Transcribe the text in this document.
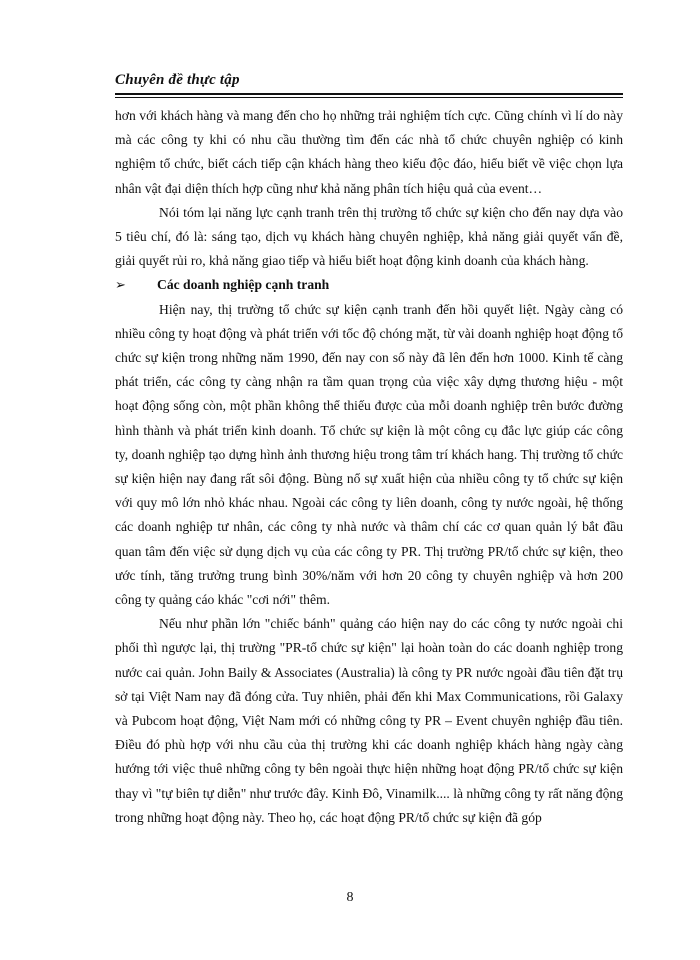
Chuyên đề thực tập

hơn với khách hàng và mang đến cho họ những trải nghiệm tích cực. Cũng chính vì lí do này mà các công ty khi có nhu cầu thường tìm đến các nhà tổ chức chuyên nghiệp có kinh nghiệm tổ chức, biết cách tiếp cận khách hàng theo kiểu độc đáo, hiểu biết về việc chọn lựa nhân vật đại diện thích hợp cũng như khả năng phân tích hiệu quả của event…

Nói tóm lại năng lực cạnh tranh trên thị trường tổ chức sự kiện cho đến nay dựa vào 5 tiêu chí, đó là: sáng tạo, dịch vụ khách hàng chuyên nghiệp, khả năng giải quyết vấn đề, giải quyết rủi ro, khả năng giao tiếp và hiểu biết hoạt động kinh doanh của khách hàng.

➢	Các doanh nghiệp cạnh tranh

Hiện nay, thị trường tổ chức sự kiện cạnh tranh đến hồi quyết liệt. Ngày càng có nhiều công ty hoạt động và phát triển với tốc độ chóng mặt, từ vài doanh nghiệp hoạt động tổ chức sự kiện trong những năm 1990, đến nay con số này đã lên đến hơn 1000. Kinh tế càng phát triển, các công ty càng nhận ra tầm quan trọng của việc xây dựng thương hiệu - một hoạt động sống còn, một phần không thể thiếu được của mỗi doanh nghiệp trên bước đường hình thành và phát triển kinh doanh. Tổ chức sự kiện là một công cụ đắc lực giúp các công ty, doanh nghiệp tạo dựng hình ảnh thương hiệu trong tâm trí khách hang. Thị trường tổ chức sự kiện hiện nay đang rất sôi động. Bùng nổ sự xuất hiện của nhiều công ty tổ chức sự kiện với quy mô lớn nhỏ khác nhau. Ngoài các công ty liên doanh, công ty nước ngoài, hệ thống các doanh nghiệp tư nhân, các công ty nhà nước và thâm chí các cơ quan quản lý bắt đầu quan tâm đến việc sử dụng dịch vụ của các công ty PR. Thị trường PR/tổ chức sự kiện, theo ước tính, tăng trưởng trung bình 30%/năm với hơn 20 công ty chuyên nghiệp và hơn 200 công ty quảng cáo khác "cơi nới" thêm.

Nếu như phần lớn "chiếc bánh" quảng cáo hiện nay do các công ty nước ngoài chi phối thì ngược lại, thị trường "PR-tổ chức sự kiện" lại hoàn toàn do các doanh nghiệp trong nước cai quản. John Baily & Associates (Australia) là công ty PR nước ngoài đầu tiên đặt trụ sở tại Việt Nam nay đã đóng cửa. Tuy nhiên, phải đến khi Max Communications, rồi Galaxy và Pubcom hoạt động, Việt Nam mới có những công ty PR – Event chuyên nghiệp đầu tiên. Điều đó phù hợp với nhu cầu của thị trường khi các doanh nghiệp khách hàng ngày càng hướng tới việc thuê những công ty bên ngoài thực hiện những hoạt động PR/tổ chức sự kiện thay vì "tự biên tự diễn" như trước đây. Kinh Đô, Vinamilk.... là những công ty rất năng động trong những hoạt động này. Theo họ, các hoạt động PR/tổ chức sự kiện đã góp

8
